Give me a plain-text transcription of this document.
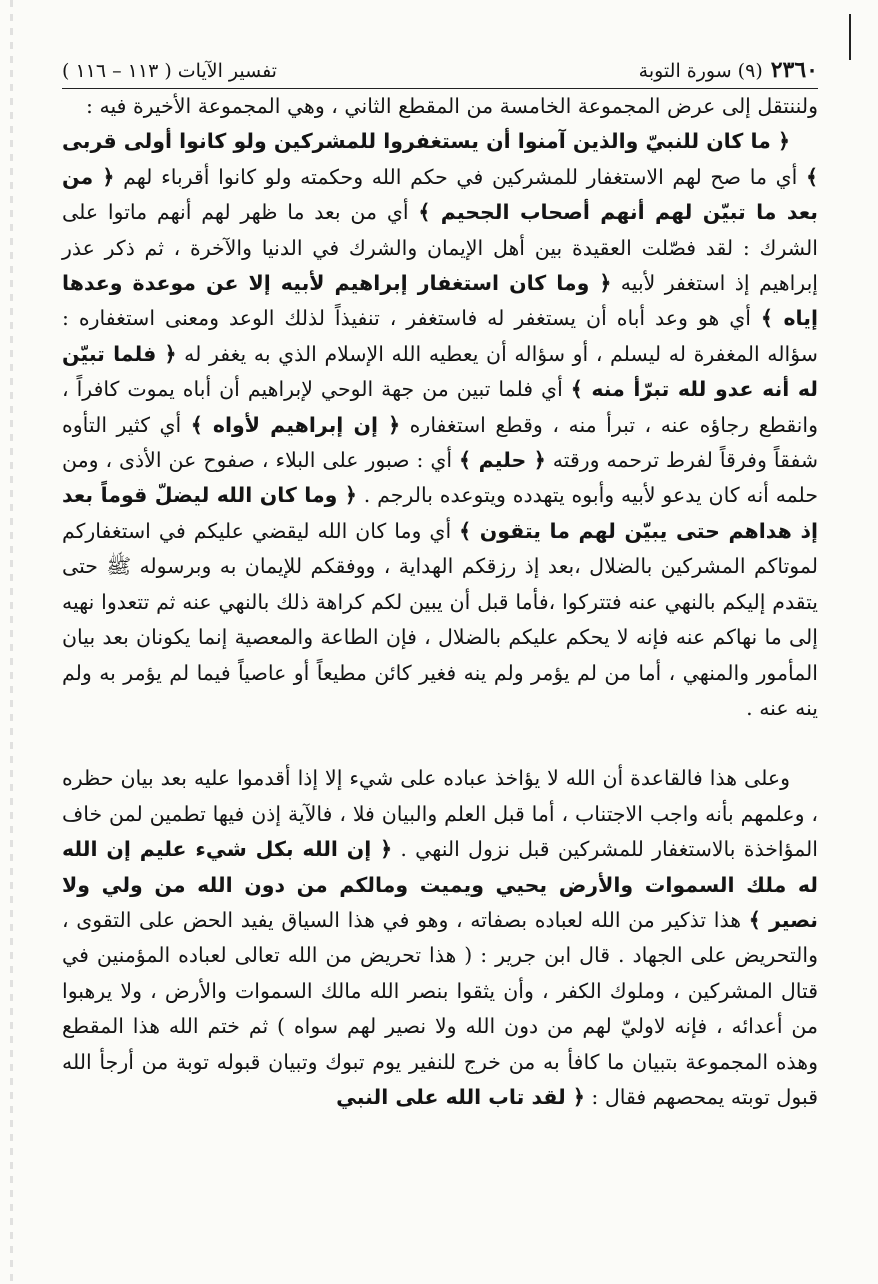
٢٣٦٠
(٩) سورة التوبة
تفسير الآيات ( ١١٣ – ١١٦ )

ولننتقل إلى عرض المجموعة الخامسة من المقطع الثاني ، وهي المجموعة الأخيرة فيه :

﴿ ما كان للنبيّ والذين آمنوا أن يستغفروا للمشركين ولو كانوا أولى قربى ﴾ أي ما صح لهم الاستغفار للمشركين في حكم الله وحكمته ولو كانوا أقرباء لهم ﴿ من بعد ما تبيّن لهم أنهم أصحاب الجحيم ﴾ أي من بعد ما ظهر لهم أنهم ماتوا على الشرك : لقد فصّلت العقيدة بين أهل الإيمان والشرك في الدنيا والآخرة ، ثم ذكر عذر إبراهيم إذ استغفر لأبيه ﴿ وما كان استغفار إبراهيم لأبيه إلا عن موعدة وعدها إياه ﴾ أي هو وعد أباه أن يستغفر له فاستغفر ، تنفيذاً لذلك الوعد ومعنى استغفاره : سؤاله المغفرة له ليسلم ، أو سؤاله أن يعطيه الله الإسلام الذي به يغفر له ﴿ فلما تبيّن له أنه عدو لله تبرّأ منه ﴾ أي فلما تبين من جهة الوحي لإبراهيم أن أباه يموت كافراً ، وانقطع رجاؤه عنه ، تبرأ منه ، وقطع استغفاره ﴿ إن إبراهيم لأواه ﴾ أي كثير التأوه شفقاً وفرقاً لفرط ترحمه ورقته ﴿ حليم ﴾ أي : صبور على البلاء ، صفوح عن الأذى ، ومن حلمه أنه كان يدعو لأبيه وأبوه يتهدده ويتوعده بالرجم . ﴿ وما كان الله ليضلّ قوماً بعد إذ هداهم حتى يبيّن لهم ما يتقون ﴾ أي وما كان الله ليقضي عليكم في استغفاركم لموتاكم المشركين بالضلال ،بعد إذ رزقكم الهداية ، ووفقكم للإيمان به وبرسوله ﷺ حتى يتقدم إليكم بالنهي عنه فتتركوا ،فأما قبل أن يبين لكم كراهة ذلك بالنهي عنه ثم تتعدوا نهيه إلى ما نهاكم عنه فإنه لا يحكم عليكم بالضلال ، فإن الطاعة والمعصية إنما يكونان بعد بيان المأمور والمنهي ، أما من لم يؤمر ولم ينه فغير كائن مطيعاً أو عاصياً فيما لم يؤمر به ولم ينه عنه .

وعلى هذا فالقاعدة أن الله لا يؤاخذ عباده على شيء إلا إذا أقدموا عليه بعد بيان حظره ، وعلمهم بأنه واجب الاجتناب ، أما قبل العلم والبيان فلا ، فالآية إذن فيها تطمين لمن خاف المؤاخذة بالاستغفار للمشركين قبل نزول النهي . ﴿ إن الله بكل شيء عليم إن الله له ملك السموات والأرض يحيي ويميت ومالكم من دون الله من ولي ولا نصير ﴾ هذا تذكير من الله لعباده بصفاته ، وهو في هذا السياق يفيد الحض على التقوى ، والتحريض على الجهاد . قال ابن جرير : ( هذا تحريض من الله تعالى لعباده المؤمنين في قتال المشركين ، وملوك الكفر ، وأن يثقوا بنصر الله مالك السموات والأرض ، ولا يرهبوا من أعدائه ، فإنه لاوليّ لهم من دون الله ولا نصير لهم سواه ) ثم ختم الله هذا المقطع وهذه المجموعة بتبيان ما كافأ به من خرج للنفير يوم تبوك وتبيان قبوله توبة من أرجأ الله قبول توبته يمحصهم فقال : ﴿ لقد تاب الله على النبي
